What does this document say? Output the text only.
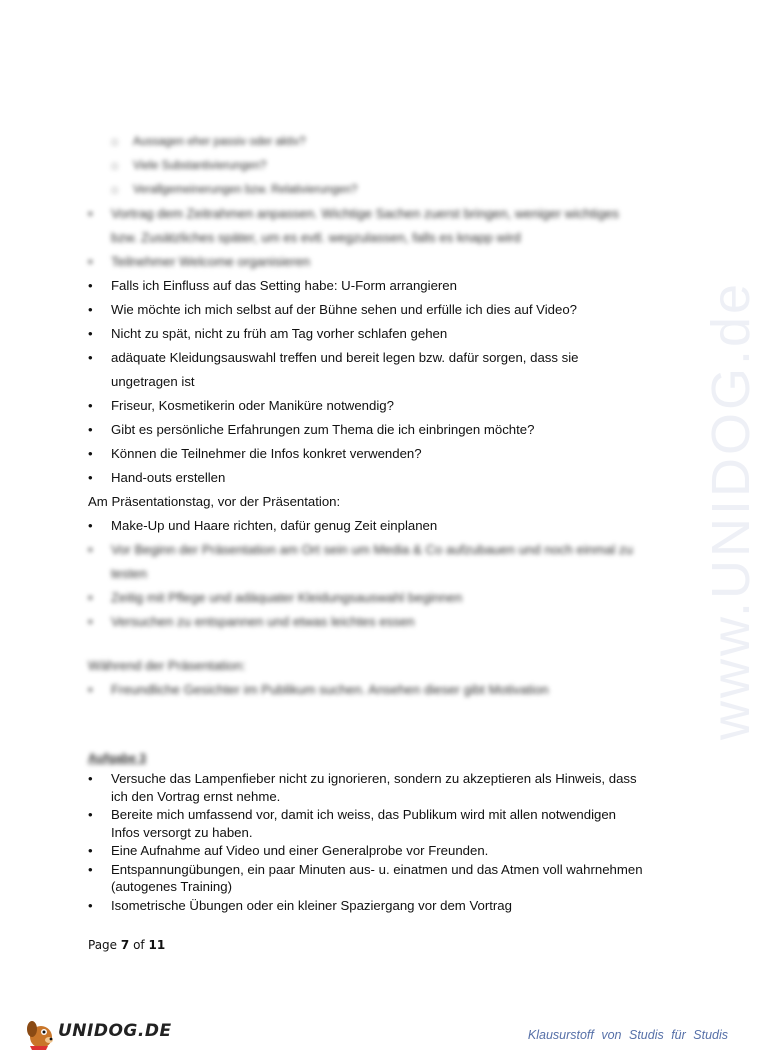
www.UNIDOG.de
□ Aussagen eher passiv oder aktiv?
□ Viele Substantivierungen?
□ Verallgemeinerungen bzw. Relativierungen?
•	Vortrag dem Zeitrahmen anpassen. Wichtige Sachen zuerst bringen, weniger wichtiges bzw. Zusätzliches später, um es evtl. wegzulassen, falls es knapp wird
•	Teilnehmer Welcome organisieren
•	Falls ich Einfluss auf das Setting habe: U-Form arrangieren
•	Wie möchte ich mich selbst auf der Bühne sehen und erfülle ich dies auf Video?
•	Nicht zu spät, nicht zu früh am Tag vorher schlafen gehen
•	adäquate Kleidungsauswahl treffen und bereit legen bzw. dafür sorgen, dass sie ungetragen ist
•	Friseur, Kosmetikerin oder Maniküre notwendig?
•	Gibt es persönliche Erfahrungen zum Thema die ich einbringen möchte?
•	Können die Teilnehmer die Infos konkret verwenden?
•	Hand-outs erstellen
Am Präsentationstag, vor der Präsentation:
•	Make-Up und Haare richten, dafür genug Zeit einplanen
•	Vor Beginn der Präsentation am Ort sein um Media & Co aufzubauen und noch einmal zu testen
•	Zeitig mit Pflege und adäquater Kleidungsauswahl beginnen
•	Versuchen zu entspannen und etwas leichtes essen
Während der Präsentation:
•	Freundliche Gesichter im Publikum suchen. Ansehen dieser gibt Motivation
Aufgabe 3
•	Versuche das Lampenfieber nicht zu ignorieren, sondern zu akzeptieren als Hinweis, dass ich den Vortrag ernst nehme.
•	Bereite mich umfassend vor, damit ich weiss, das Publikum wird mit allen notwendigen Infos versorgt zu haben.
•	Eine Aufnahme auf Video und einer Generalprobe vor Freunden.
•	Entspannungübungen, ein paar Minuten aus- u. einatmen und das Atmen voll wahrnehmen (autogenes Training)
•	Isometrische Übungen oder ein kleiner Spaziergang vor dem Vortrag
Page 7 of 11
UNIDOG.DE	Klausurstoff von Studis für Studis
